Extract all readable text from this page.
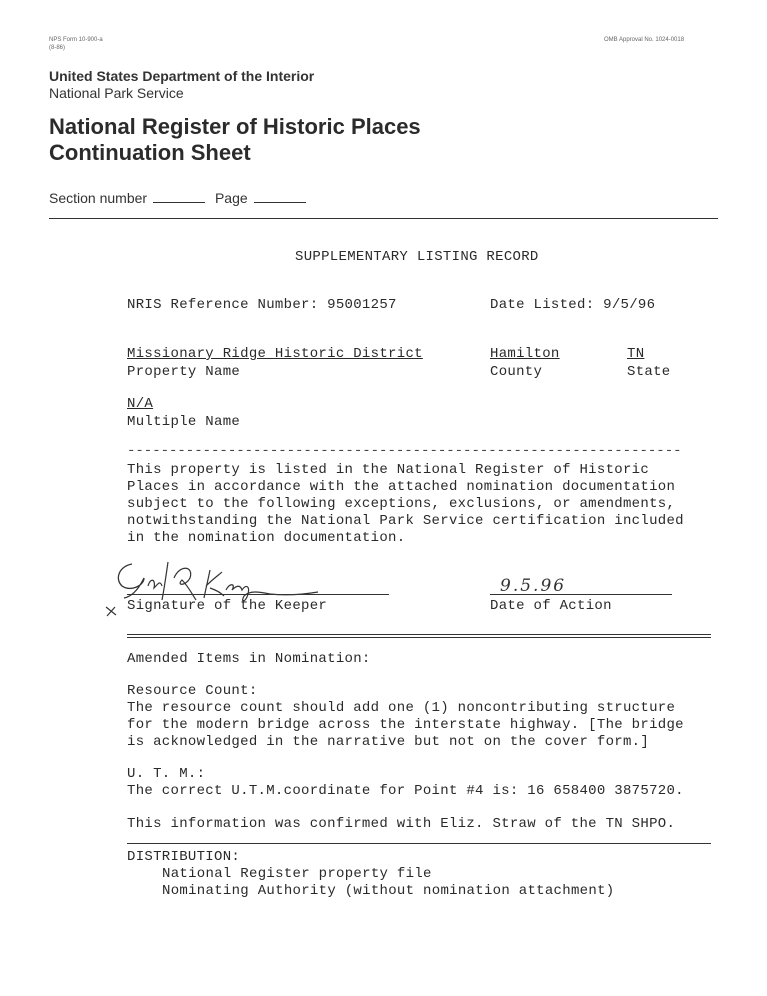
NPS Form 10-900-a
(8-86)
OMB Approval No. 1024-0018
United States Department of the Interior
National Park Service
National Register of Historic Places
Continuation Sheet
Section number	Page
SUPPLEMENTARY LISTING RECORD
NRIS Reference Number: 95001257	Date Listed: 9/5/96
Missionary Ridge Historic District
Property Name
Hamilton
County
TN
State
N/A
Multiple Name
------------------------------------------------------------------
This property is listed in the National Register of Historic
Places in accordance with the attached nomination documentation
subject to the following exceptions, exclusions, or amendments,
notwithstanding the National Park Service certification included
in the nomination documentation.
Signature of the Keeper
9.5.96
Date of Action
Amended Items in Nomination:
Resource Count:
The resource count should add one (1) noncontributing structure
for the modern bridge across the interstate highway. [The bridge
is acknowledged in the narrative but not on the cover form.]
U. T. M.:
The correct U.T.M.coordinate for Point #4 is: 16 658400 3875720.
This information was confirmed with Eliz. Straw of the TN SHPO.
DISTRIBUTION:
National Register property file
Nominating Authority (without nomination attachment)
